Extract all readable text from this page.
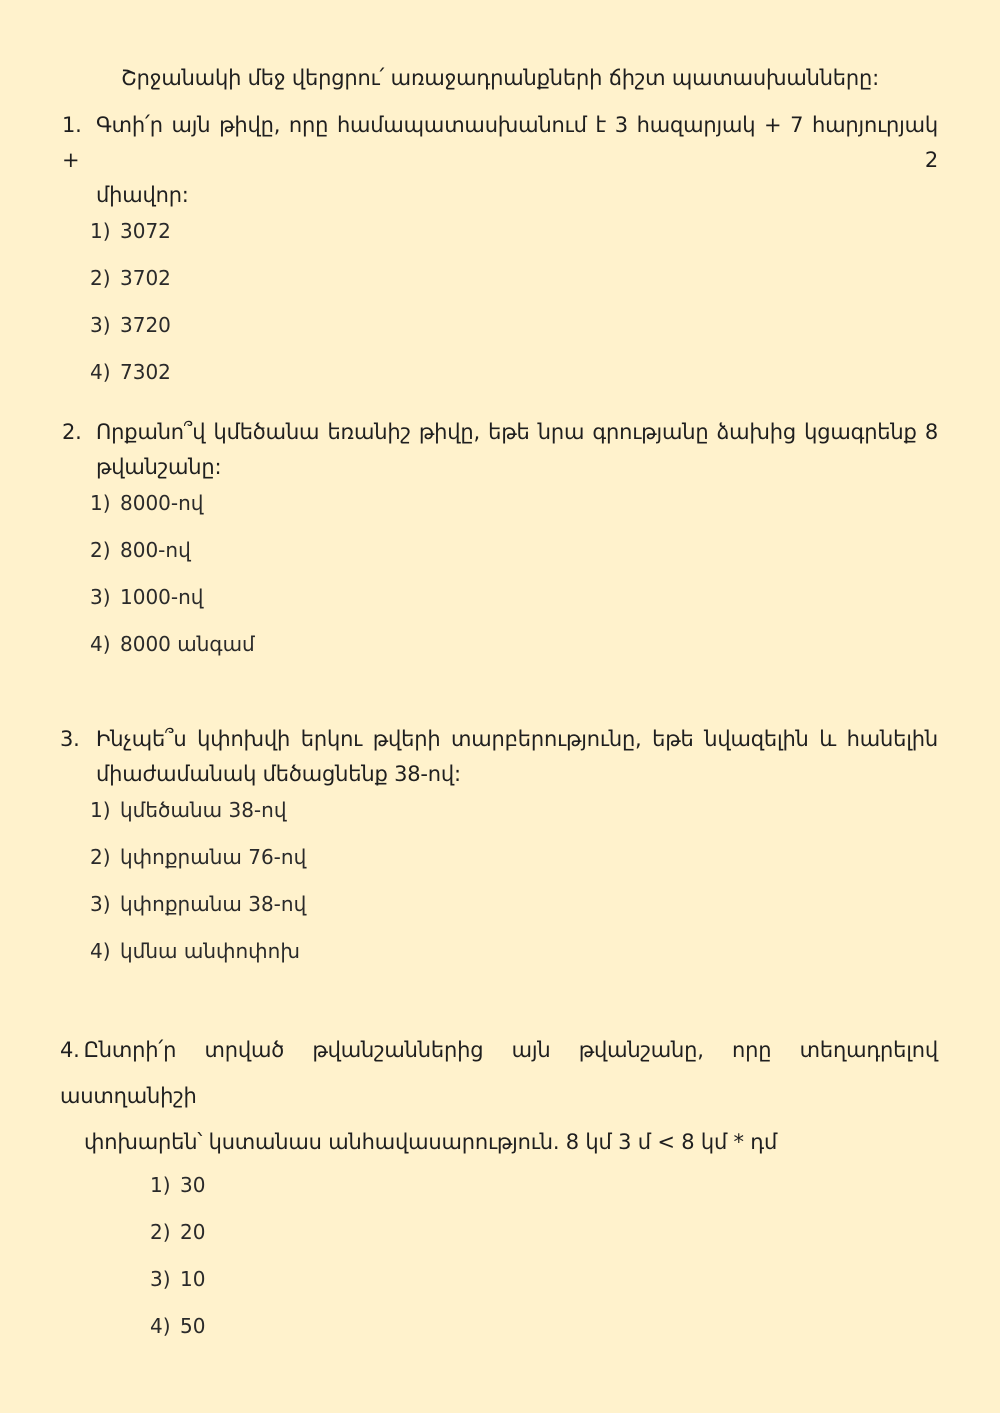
Շրջանակի մեջ վերցրու՛ առաջադրանքների ճիշտ պատասխանները:
1. Գտի՛ր այն թիվը, որը համապատասխանում է 3 հազարյակ + 7 հարյուրյակ + 2
միավոր:
1) 3072
2) 3702
3) 3720
4) 7302
2. Որքանո՞վ կմեծանա եռանիշ թիվը, եթե նրա գրությանը ձախից կցագրենք 8
թվանշանը:
1) 8000-ով
2) 800-ով
3) 1000-ով
4) 8000 անգամ
3. Ինչպե՞ս կփոխվի երկու թվերի տարբերությունը, եթե նվազելին և հանելին
միաժամանակ մեծացնենք 38-ով:
1) կմեծանա 38-ով
2) կփոքրանա 76-ով
3) կփոքրանա 38-ով
4) կմնա անփոփոխ
4. Ընտրի՛ր տրված թվանշաններից այն թվանշանը, որը տեղադրելով աստղանիշի
փոխարեն՝ կստանաս անհավասարություն. 8 կմ 3 մ < 8 կմ * դմ
1) 30
2) 20
3) 10
4) 50
